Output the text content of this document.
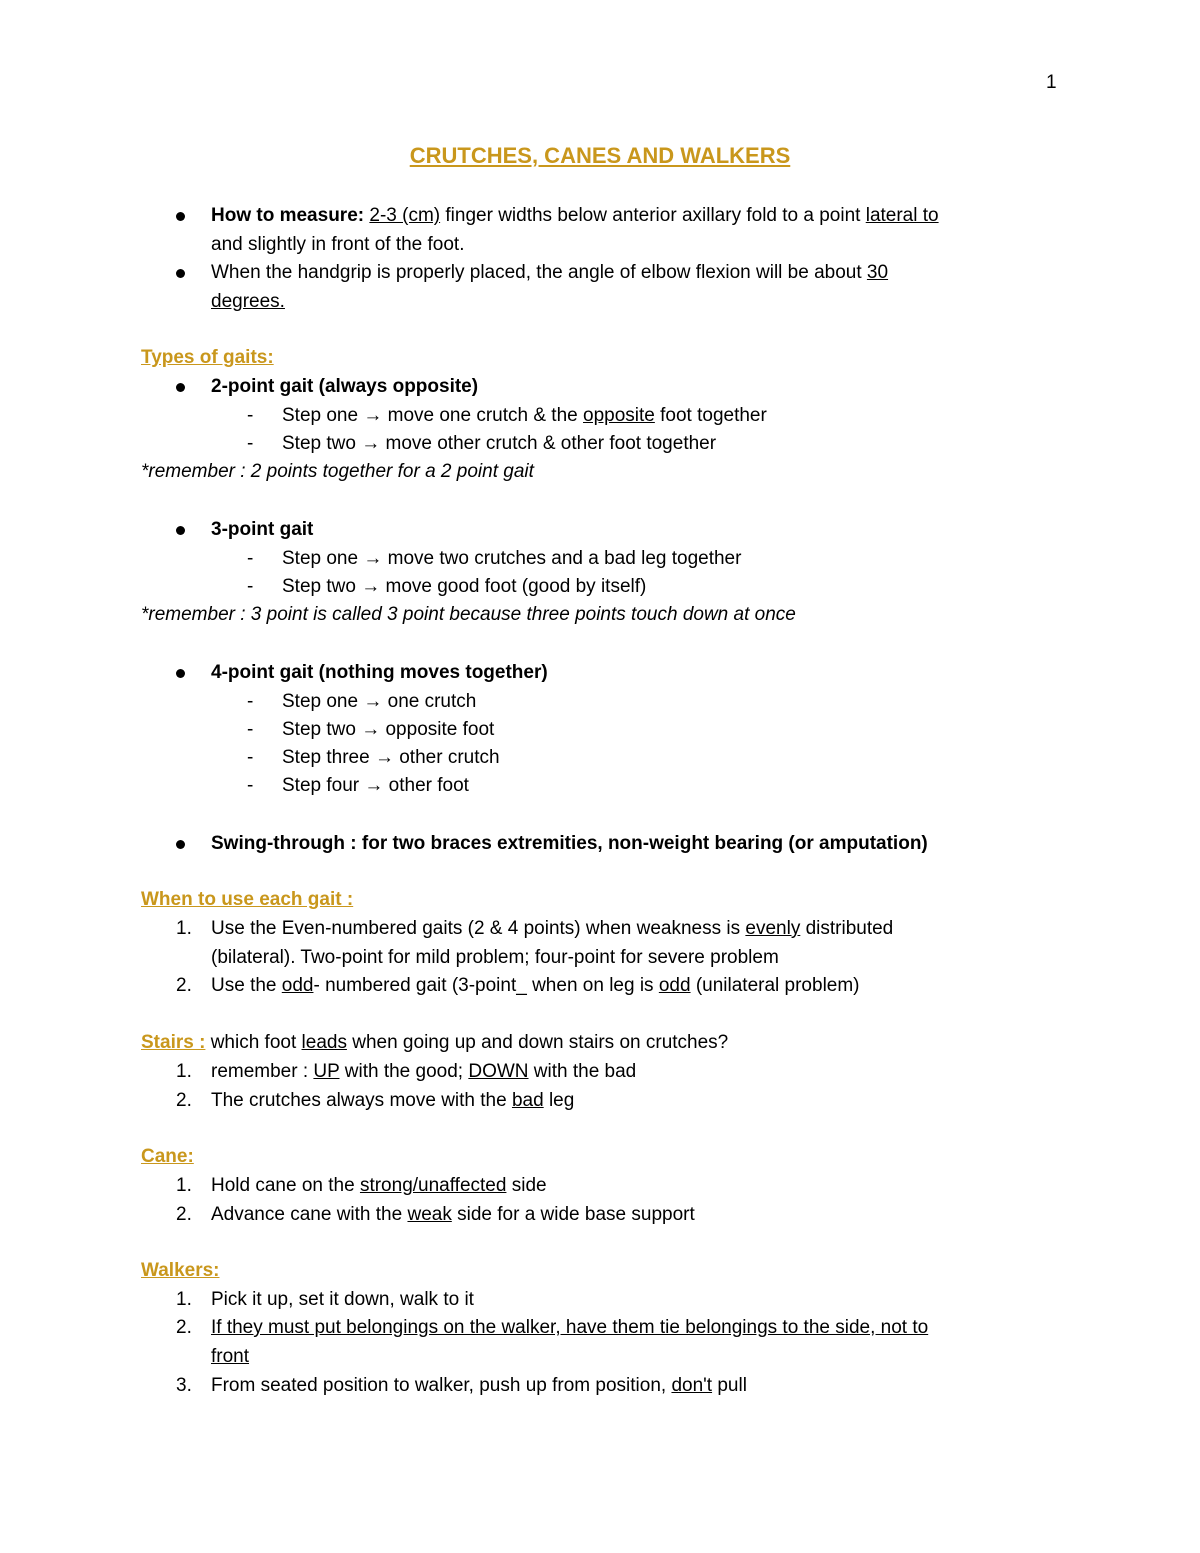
1
CRUTCHES, CANES AND WALKERS
How to measure: 2-3 (cm) finger widths below anterior axillary fold to a point lateral to
and slightly in front of the foot.
When the handgrip is properly placed, the angle of elbow flexion will be about 30
degrees.
Types of gaits:
2-point gait (always opposite)
- Step one → move one crutch & the opposite foot together
- Step two → move other crutch & other foot together
*remember : 2 points together for a 2 point gait
3-point gait
- Step one → move two crutches and a bad leg together
- Step two → move good foot (good by itself)
*remember : 3 point is called 3 point because three points touch down at once
4-point gait (nothing moves together)
- Step one → one crutch
- Step two → opposite foot
- Step three → other crutch
- Step four → other foot
Swing-through : for two braces extremities, non-weight bearing (or amputation)
When to use each gait :
1. Use the Even-numbered gaits (2 & 4 points) when weakness is evenly distributed
(bilateral). Two-point for mild problem; four-point for severe problem
2. Use the odd- numbered gait (3-point_ when on leg is odd (unilateral problem)
Stairs : which foot leads when going up and down stairs on crutches?
1. remember : UP with the good; DOWN with the bad
2. The crutches always move with the bad leg
Cane:
1. Hold cane on the strong/unaffected side
2. Advance cane with the weak side for a wide base support
Walkers:
1. Pick it up, set it down, walk to it
2. If they must put belongings on the walker, have them tie belongings to the side, not to
front
3. From seated position to walker, push up from position, don't pull
